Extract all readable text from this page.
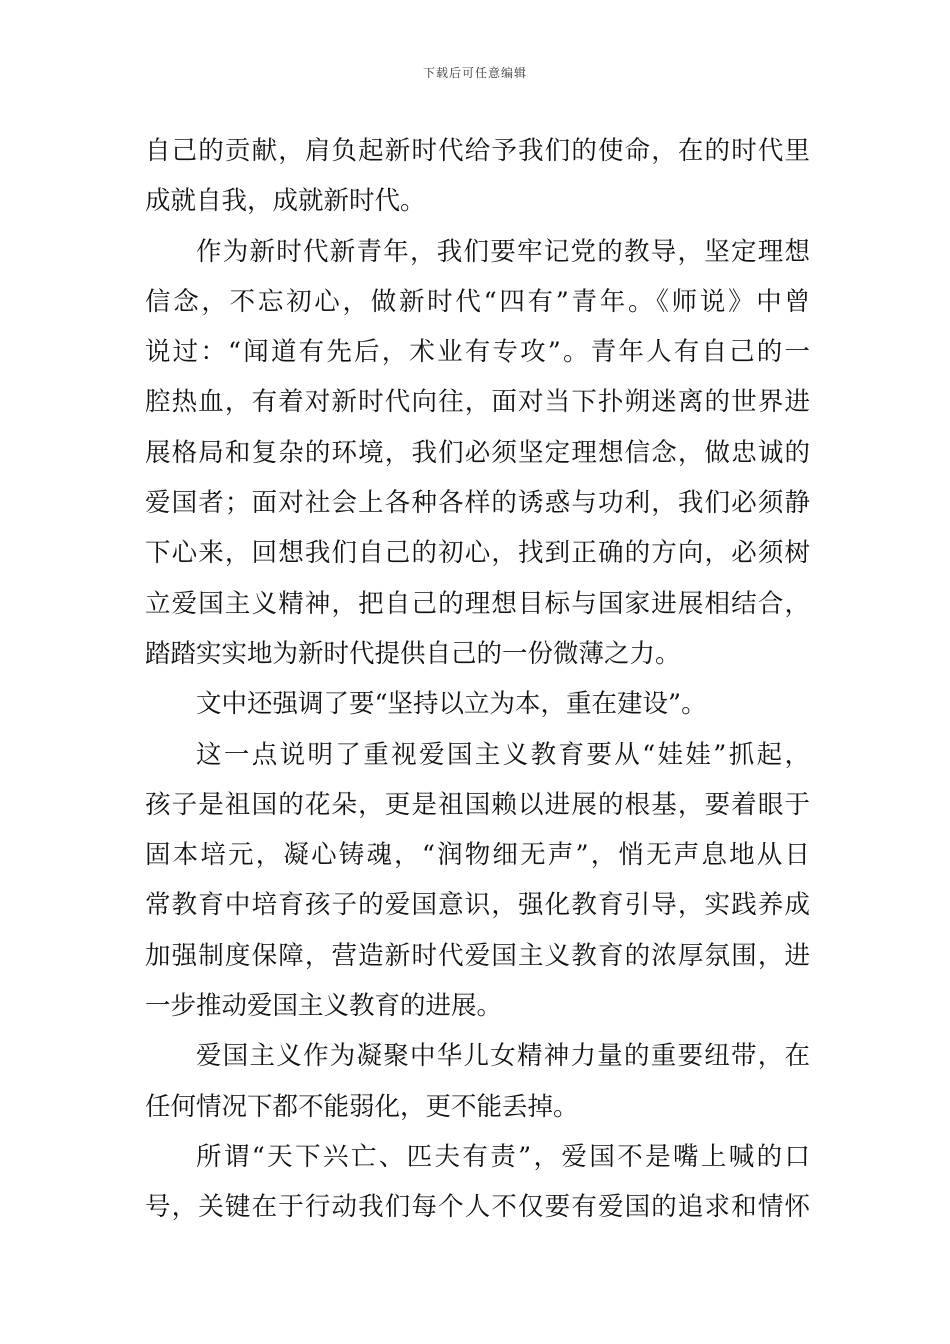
下载后可任意编辑
自己的贡献，肩负起新时代给予我们的使命，在的时代里
成就自我，成就新时代。
作为新时代新青年，我们要牢记党的教导，坚定理想
信念，不忘初心，做新时代“四有”青年。《师说》中曾
说过：“闻道有先后，术业有专攻”。青年人有自己的一
腔热血，有着对新时代向往，面对当下扑朔迷离的世界进
展格局和复杂的环境，我们必须坚定理想信念，做忠诚的
爱国者；面对社会上各种各样的诱惑与功利，我们必须静
下心来，回想我们自己的初心，找到正确的方向，必须树
立爱国主义精神，把自己的理想目标与国家进展相结合，
踏踏实实地为新时代提供自己的一份微薄之力。
文中还强调了要“坚持以立为本，重在建设”。
这一点说明了重视爱国主义教育要从“娃娃”抓起，
孩子是祖国的花朵，更是祖国赖以进展的根基，要着眼于
固本培元，凝心铸魂，“润物细无声”，悄无声息地从日
常教育中培育孩子的爱国意识，强化教育引导，实践养成
加强制度保障，营造新时代爱国主义教育的浓厚氛围，进
一步推动爱国主义教育的进展。
爱国主义作为凝聚中华儿女精神力量的重要纽带，在
任何情况下都不能弱化，更不能丢掉。
所谓“天下兴亡、匹夫有责”，爱国不是嘴上喊的口
号，关键在于行动我们每个人不仅要有爱国的追求和情怀
